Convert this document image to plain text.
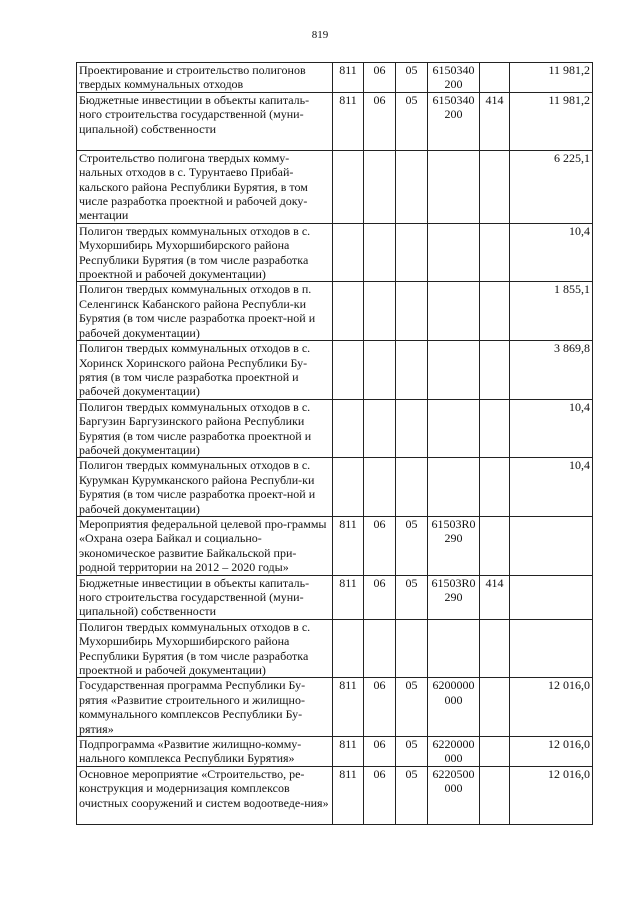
819
Проектирование и строительство полигонов твердых коммунальных отходов	811	06	05	6150340 200		11 981,2
Бюджетные инвестиции в объекты капиталь-ного строительства государственной (муни-ципальной) собственности	811	06	05	6150340 200	414	11 981,2
Строительство полигона твердых комму-нальных отходов в с. Турунтаево Прибай-кальского района Республики Бурятия, в том числе разработка проектной и рабочей доку-ментации						6 225,1
Полигон твердых коммунальных отходов в с. Мухоршибирь Мухоршибирского района Республики Бурятия (в том числе разработка проектной и рабочей документации)						10,4
Полигон твердых коммунальных отходов в п. Селенгинск Кабанского района Республи-ки Бурятия (в том числе разработка проект-ной и рабочей документации)						1 855,1
Полигон твердых коммунальных отходов в с. Хоринск Хоринского района Республики Бу-рятия (в том числе разработка проектной и рабочей документации)						3 869,8
Полигон твердых коммунальных отходов в с. Баргузин Баргузинского района Республики Бурятия (в том числе разработка проектной и рабочей документации)						10,4
Полигон твердых коммунальных отходов в с. Курумкан Курумканского района Республи-ки Бурятия (в том числе разработка проект-ной и рабочей документации)						10,4
Мероприятия федеральной целевой про-граммы «Охрана озера Байкал и социально-экономическое развитие Байкальской при-родной территории на 2012 – 2020 годы»	811	06	05	61503R0 290		
Бюджетные инвестиции в объекты капиталь-ного строительства государственной (муни-ципальной) собственности	811	06	05	61503R0 290	414	
Полигон твердых коммунальных отходов в с. Мухоршибирь Мухоршибирского района Республики Бурятия (в том числе разработка проектной и рабочей документации)						
Государственная программа Республики Бу-рятия «Развитие строительного и жилищно-коммунального комплексов Республики Бу-рятия»	811	06	05	6200000 000		12 016,0
Подпрограмма «Развитие жилищно-комму-нального комплекса Республики Бурятия»	811	06	05	6220000 000		12 016,0
Основное мероприятие «Строительство, ре-конструкция и модернизация комплексов очистных сооружений и систем водоотведе-ния»	811	06	05	6220500 000		12 016,0
